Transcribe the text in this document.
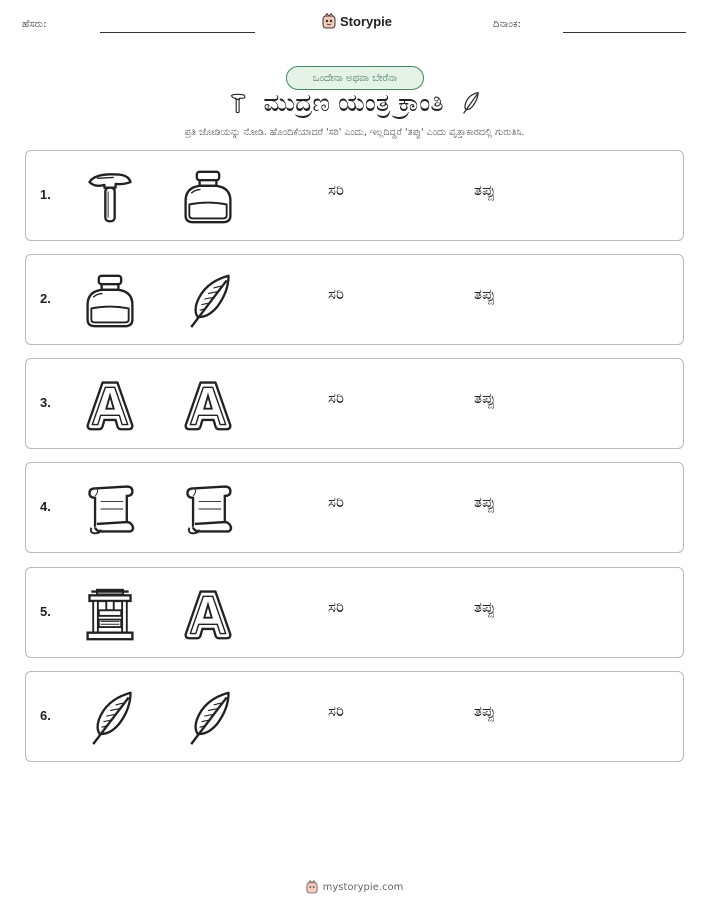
ಹೆಸರು:	Storypie	ದಿನಾಂಕ:
ಒಂದೇನಾ ಅಥವಾ ಬೇರೆನಾ
ಮುದ್ರಣ ಯಂತ್ರ ಕ್ರಾಂತಿ
ಪ್ರತಿ ಜೋಡಿಯನ್ನು ನೋಡಿ. ಹೊಂದಿಕೆಯಾದರೆ 'ಸರಿ' ಎಂದು, ಇಲ್ಲದಿದ್ದರೆ 'ತಪ್ಪು' ಎಂದು ವೃತ್ತಾಕಾರದಲ್ಲಿ ಗುರುತಿಸಿ.
1.	ಸರಿ	ತಪ್ಪು
2.	ಸರಿ	ತಪ್ಪು
3.	ಸರಿ	ತಪ್ಪು
4.	ಸರಿ	ತಪ್ಪು
5.	ಸರಿ	ತಪ್ಪು
6.	ಸರಿ	ತಪ್ಪು
mystorypie.com
